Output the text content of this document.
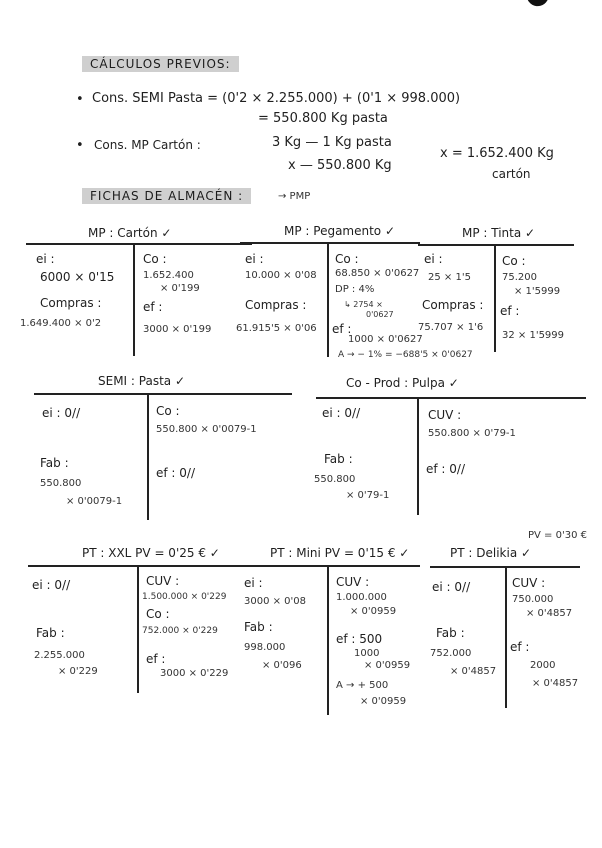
CÁLCULOS PREVIOS:
• Cons. SEMI Pasta = (0'2 × 2.255.000) + (0'1 × 998.000)
= 550.800 Kg pasta
• Cons. MP Cartón :	3 Kg — 1 Kg pasta
x — 550.800 Kg
x = 1.652.400 Kg
cartón
FICHAS DE ALMACÉN :	→ PMP
MP : Cartón ✓
ei :
6000 × 0'15
Compras :
1.649.400 × 0'2
Co :
1.652.400
× 0'199
ef :
3000 × 0'199
MP : Pegamento ✓
ei :
10.000 × 0'08
Compras :
61.915'5 × 0'06
Co :
68.850 × 0'0627
DP : 4%
↳ 2754 ×
0'0627
ef :
1000 × 0'0627
A → − 1% = −688'5 × 0'0627
MP : Tinta ✓
ei :
25 × 1'5
Compras :
75.707 × 1'6
Co :
75.200
× 1'5999
ef :
32 × 1'5999
SEMI : Pasta ✓
ei : 0//
Fab :
550.800
× 0'0079-1
Co :
550.800 × 0'0079-1
ef : 0//
Co - Prod : Pulpa ✓
ei : 0//
Fab :
550.800
× 0'79-1
CUV :
550.800 × 0'79-1
ef : 0//
PV = 0'30 €
PT : XXL PV = 0'25 € ✓
ei : 0//
Fab :
2.255.000
× 0'229
CUV :
1.500.000 × 0'229
Co :
752.000 × 0'229
ef :
3000 × 0'229
PT : Mini PV = 0'15 € ✓
ei :
3000 × 0'08
Fab :
998.000
× 0'096
CUV :
1.000.000
× 0'0959
ef : 500
1000
× 0'0959
A → + 500
× 0'0959
PT : Delikia ✓
ei : 0//
Fab :
752.000
× 0'4857
CUV :
750.000
× 0'4857
ef :
2000
× 0'4857
